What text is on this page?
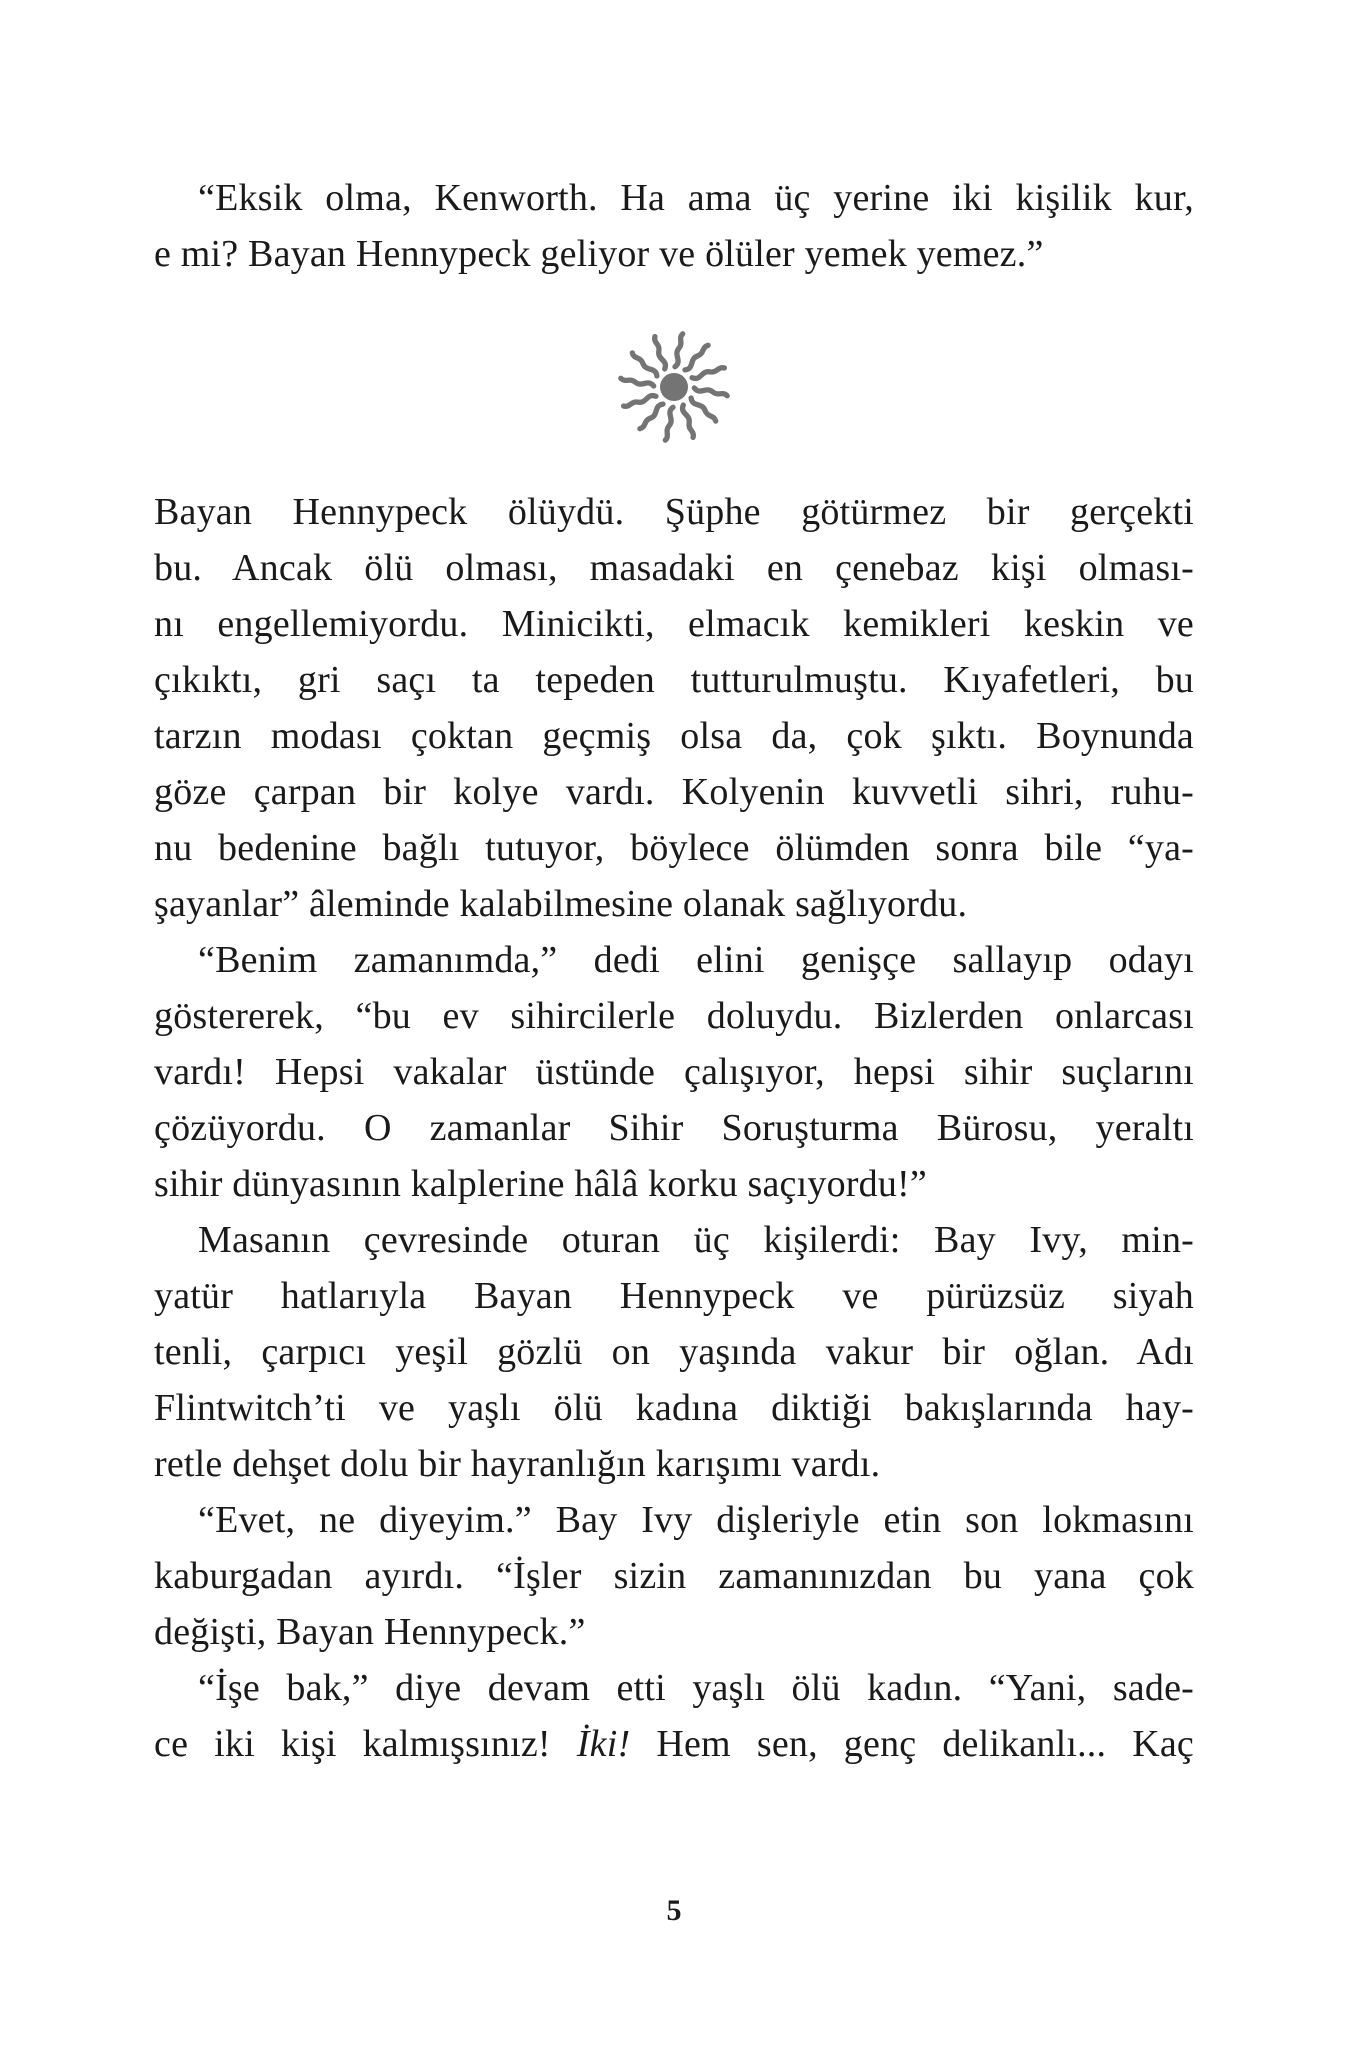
“Eksik olma, Kenworth. Ha ama üç yerine iki kişilik kur,
e mi? Bayan Hennypeck geliyor ve ölüler yemek yemez.”
Bayan Hennypeck ölüydü. Şüphe götürmez bir gerçekti
bu. Ancak ölü olması, masadaki en çenebaz kişi olması-
nı engellemiyordu. Minicikti, elmacık kemikleri keskin ve
çıkıktı, gri saçı ta tepeden tutturulmuştu. Kıyafetleri, bu
tarzın modası çoktan geçmiş olsa da, çok şıktı. Boynunda
göze çarpan bir kolye vardı. Kolyenin kuvvetli sihri, ruhu-
nu bedenine bağlı tutuyor, böylece ölümden sonra bile “ya-
şayanlar” âleminde kalabilmesine olanak sağlıyordu.
“Benim zamanımda,” dedi elini genişçe sallayıp odayı
göstererek, “bu ev sihircilerle doluydu. Bizlerden onlarcası
vardı! Hepsi vakalar üstünde çalışıyor, hepsi sihir suçlarını
çözüyordu. O zamanlar Sihir Soruşturma Bürosu, yeraltı
sihir dünyasının kalplerine hâlâ korku saçıyordu!”
Masanın çevresinde oturan üç kişilerdi: Bay Ivy, min-
yatür hatlarıyla Bayan Hennypeck ve pürüzsüz siyah
tenli, çarpıcı yeşil gözlü on yaşında vakur bir oğlan. Adı
Flintwitch’ti ve yaşlı ölü kadına diktiği bakışlarında hay-
retle dehşet dolu bir hayranlığın karışımı vardı.
“Evet, ne diyeyim.” Bay Ivy dişleriyle etin son lokmasını
kaburgadan ayırdı. “İşler sizin zamanınızdan bu yana çok
değişti, Bayan Hennypeck.”
“İşe bak,” diye devam etti yaşlı ölü kadın. “Yani, sade-
ce iki kişi kalmışsınız! İki! Hem sen, genç delikanlı... Kaç
5
